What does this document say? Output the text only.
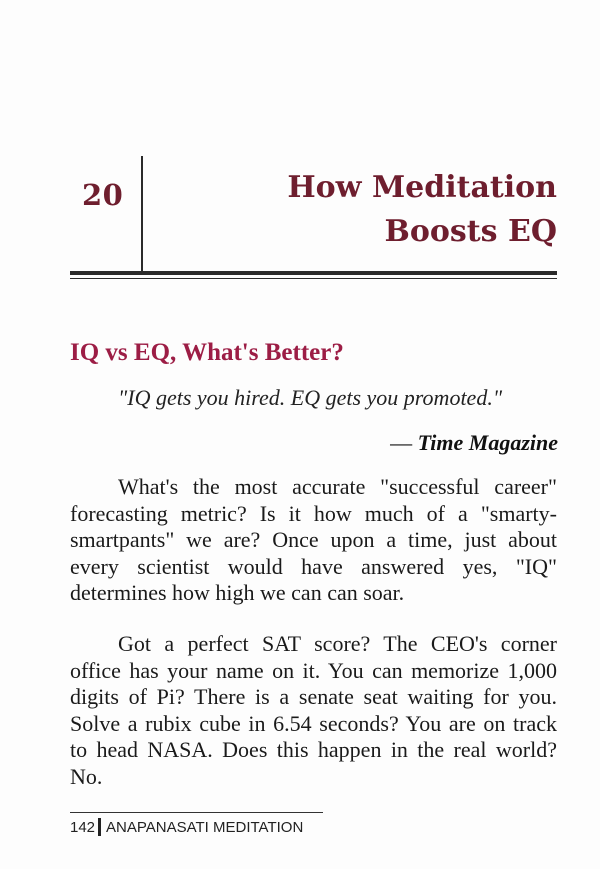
20	How Meditation
Boosts EQ
IQ vs EQ, What's Better?

"IQ gets you hired. EQ gets you promoted."

— Time Magazine

What's the most accurate "successful career" forecasting metric? Is it how much of a "smarty-smartpants" we are? Once upon a time, just about every scientist would have answered yes, "IQ" determines how high we can can soar.

Got a perfect SAT score? The CEO's corner office has your name on it. You can memorize 1,000 digits of Pi? There is a senate seat waiting for you. Solve a rubix cube in 6.54 seconds? You are on track to head NASA. Does this happen in the real world? No.

142 ANAPANASATI MEDITATION
